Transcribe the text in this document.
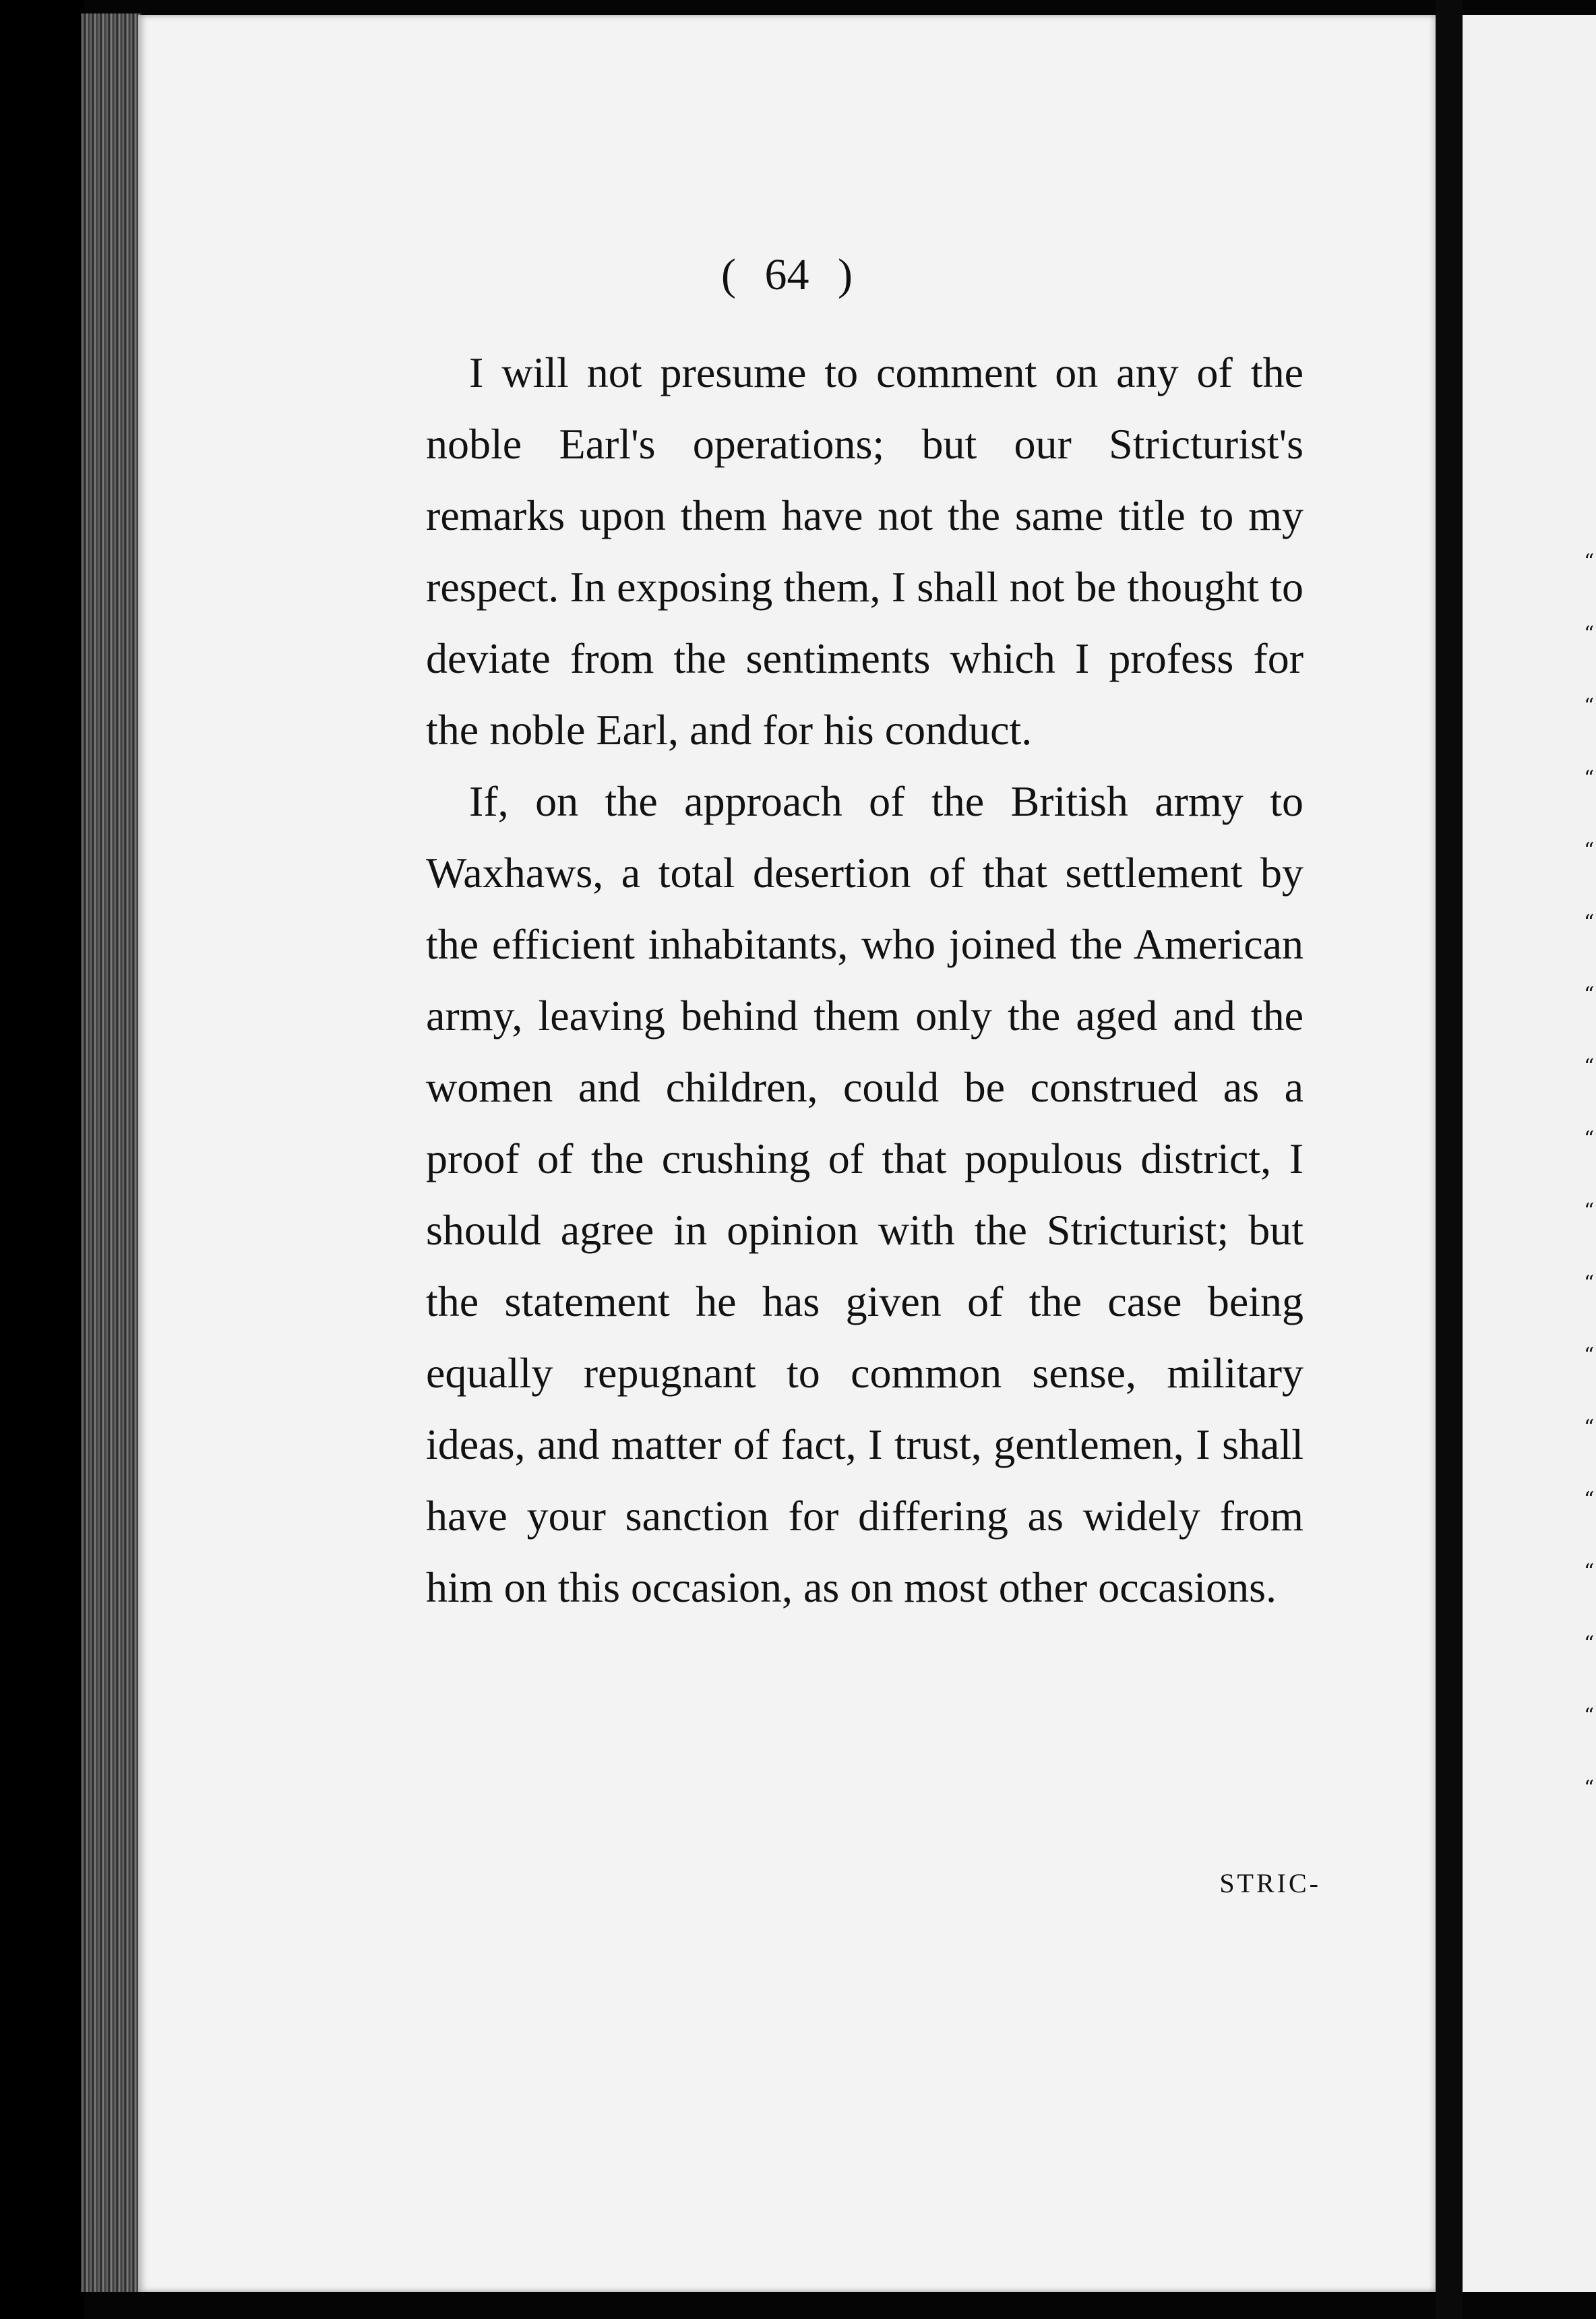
“
“
“
“
“
“
“
“
“
“
“
“
“
“
“
“
“
“
( 64 )

I will not presume to comment on any of the noble Earl's operations; but our Stricturist's remarks upon them have not the same title to my respect. In exposing them, I shall not be thought to deviate from the sentiments which I profess for the noble Earl, and for his conduct.

If, on the approach of the British army to Waxhaws, a total desertion of that settlement by the efficient inhabitants, who joined the American army, leaving behind them only the aged and the women and children, could be construed as a proof of the crushing of that populous district, I should agree in opinion with the Stricturist; but the statement he has given of the case being equally repugnant to common sense, military ideas, and matter of fact, I trust, gentlemen, I shall have your sanction for differing as widely from him on this occasion, as on most other occasions.

STRIC-
